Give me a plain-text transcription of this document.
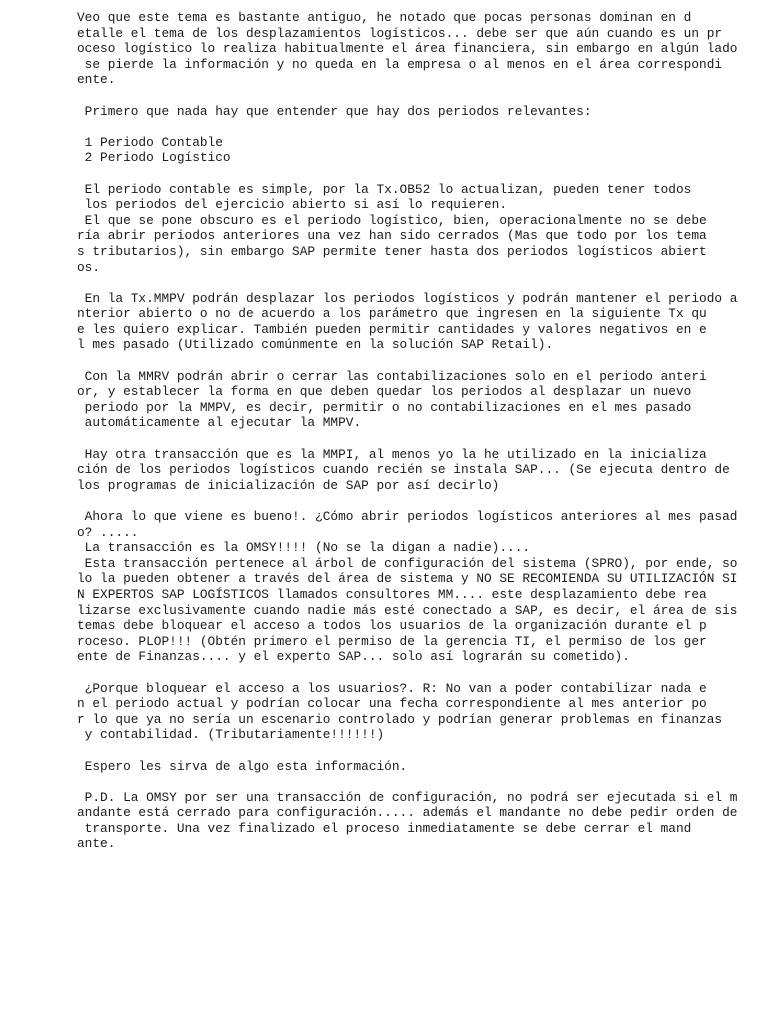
Veo que este tema es bastante antiguo, he notado que pocas personas dominan en d
etalle el tema de los desplazamientos logísticos... debe ser que aún cuando es un pr
oceso logístico lo realiza habitualmente el área financiera, sin embargo en algún lado
se pierde la información y no queda en la empresa o al menos en el área correspondi
ente.
Primero que nada hay que entender que hay dos periodos relevantes:
1 Periodo Contable
2 Periodo Logístico
El periodo contable es simple, por la Tx.OB52 lo actualizan, pueden tener todos
los periodos del ejercicio abierto si así lo requieren.
El que se pone obscuro es el periodo logístico, bien, operacionalmente no se debe
ría abrir periodos anteriores una vez han sido cerrados (Mas que todo por los tema
s tributarios), sin embargo SAP permite tener hasta dos periodos logísticos abiert
os.
En la Tx.MMPV podrán desplazar los periodos logísticos y podrán mantener el periodo a
nterior abierto o no de acuerdo a los parámetro que ingresen en la siguiente Tx qu
e les quiero explicar. También pueden permitir cantidades y valores negativos en e
l mes pasado (Utilizado comúnmente en la solución SAP Retail).
Con la MMRV podrán abrir o cerrar las contabilizaciones solo en el periodo anteri
or, y establecer la forma en que deben quedar los periodos al desplazar un nuevo
periodo por la MMPV, es decir, permitir o no contabilizaciones en el mes pasado
automáticamente al ejecutar la MMPV.
Hay otra transacción que es la MMPI, al menos yo la he utilizado en la inicializa
ción de los periodos logísticos cuando recién se instala SAP... (Se ejecuta dentro de
los programas de inicialización de SAP por así decirlo)
Ahora lo que viene es bueno!. ¿Cómo abrir periodos logísticos anteriores al mes pasad
o? .....
La transacción es la OMSY!!!! (No se la digan a nadie)....
Esta transacción pertenece al árbol de configuración del sistema (SPRO), por ende, so
lo la pueden obtener a través del área de sistema y NO SE RECOMIENDA SU UTILIZACIÓN SI
N EXPERTOS SAP LOGÍSTICOS llamados consultores MM.... este desplazamiento debe rea
lizarse exclusivamente cuando nadie más esté conectado a SAP, es decir, el área de sis
temas debe bloquear el acceso a todos los usuarios de la organización durante el p
roceso. PLOP!!! (Obtén primero el permiso de la gerencia TI, el permiso de los ger
ente de Finanzas.... y el experto SAP... solo así lograrán su cometido).
¿Porque bloquear el acceso a los usuarios?. R: No van a poder contabilizar nada e
n el periodo actual y podrían colocar una fecha correspondiente al mes anterior po
r lo que ya no sería un escenario controlado y podrían generar problemas en finanzas
y contabilidad. (Tributariamente!!!!!!)
Espero les sirva de algo esta información.
P.D. La OMSY por ser una transacción de configuración, no podrá ser ejecutada si el m
andante está cerrado para configuración..... además el mandante no debe pedir orden de
transporte. Una vez finalizado el proceso inmediatamente se debe cerrar el mand
ante.
